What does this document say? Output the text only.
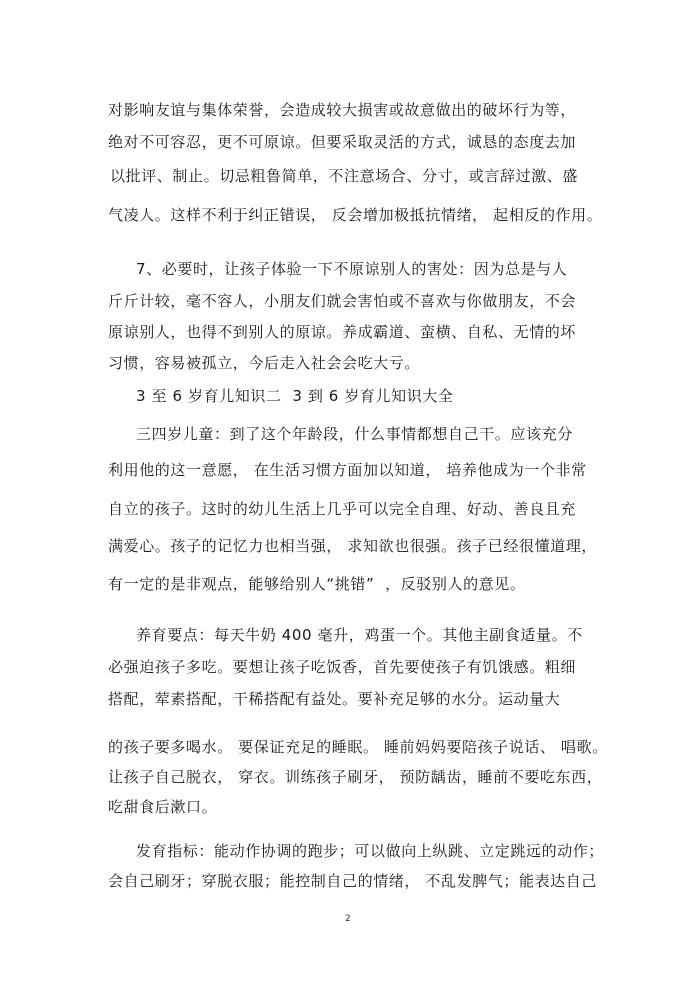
对影响友谊与集体荣誉，会造成较大损害或故意做出的破坏行为等，
绝对不可容忍，更不可原谅。但要采取灵活的方式，诚恳的态度去加
以批评、制止。切忌粗鲁简单，不注意场合、分寸，或言辞过激、盛
气凌人。这样不利于纠正错误， 反会增加极抵抗情绪， 起相反的作用。
7、必要时，让孩子体验一下不原谅别人的害处：因为总是与人
斤斤计较，毫不容人，小朋友们就会害怕或不喜欢与你做朋友，不会
原谅别人，也得不到别人的原谅。养成霸道、蛮横、自私、无情的坏
习惯，容易被孤立，今后走入社会会吃大亏。
3 至 6 岁育儿知识二  3 到 6 岁育儿知识大全
三四岁儿童：到了这个年龄段，什么事情都想自己干。应该充分
利用他的这一意愿， 在生活习惯方面加以知道， 培养他成为一个非常
自立的孩子。这时的幼儿生活上几乎可以完全自理、好动、善良且充
满爱心。孩子的记忆力也相当强， 求知欲也很强。孩子已经很懂道理，
有一定的是非观点，能够给别人“挑错”  ，反驳别人的意见。
养育要点：每天牛奶 400 毫升，鸡蛋一个。其他主副食适量。不
必强迫孩子多吃。要想让孩子吃饭香，首先要使孩子有饥饿感。粗细
搭配，荤素搭配，干稀搭配有益处。要补充足够的水分。运动量大
的孩子要多喝水。 要保证充足的睡眠。 睡前妈妈要陪孩子说话、 唱歌。
让孩子自己脱衣， 穿衣。训练孩子刷牙， 预防龋齿，睡前不要吃东西，
吃甜食后漱口。
发育指标：能动作协调的跑步；可以做向上纵跳、立定跳远的动作；
会自己刷牙；穿脱衣服；能控制自己的情绪， 不乱发脾气；能表达自己
2
